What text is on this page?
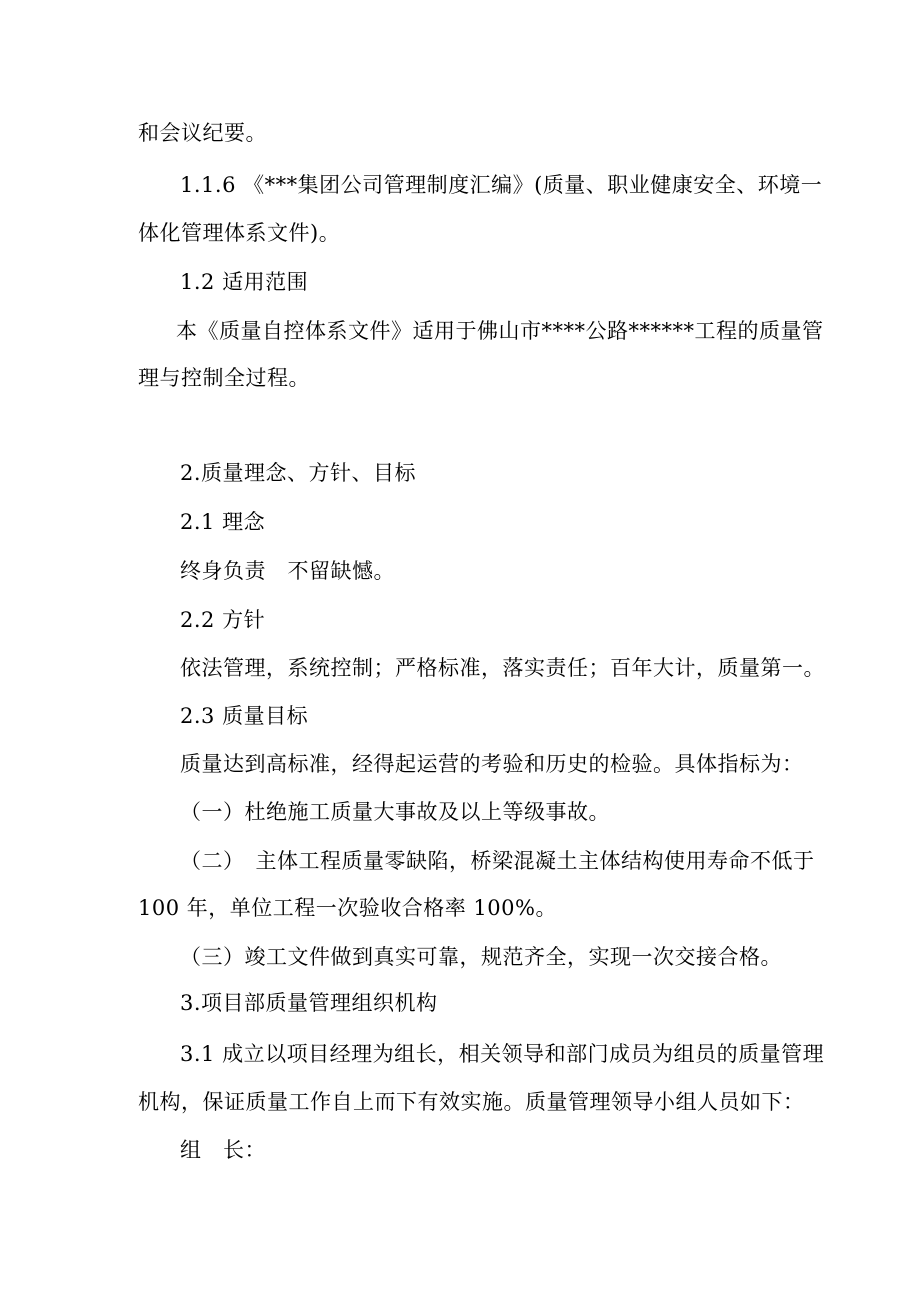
和会议纪要。
1.1.6 《***集团公司管理制度汇编》(质量、职业健康安全、环境一
体化管理体系文件)。
1.2 适用范围
本《质量自控体系文件》适用于佛山市****公路******工程的质量管
理与控制全过程。
2.质量理念、方针、目标
2.1 理念
终身负责　不留缺憾。
2.2 方针
依法管理，系统控制；严格标准，落实责任；百年大计，质量第一。
2.3 质量目标
质量达到高标准，经得起运营的考验和历史的检验。具体指标为：
（一）杜绝施工质量大事故及以上等级事故。
（二）　主体工程质量零缺陷，桥梁混凝土主体结构使用寿命不低于
100 年，单位工程一次验收合格率 100%。
（三）竣工文件做到真实可靠，规范齐全，实现一次交接合格。
3.项目部质量管理组织机构
3.1 成立以项目经理为组长，相关领导和部门成员为组员的质量管理
机构，保证质量工作自上而下有效实施。质量管理领导小组人员如下：
组　长：
